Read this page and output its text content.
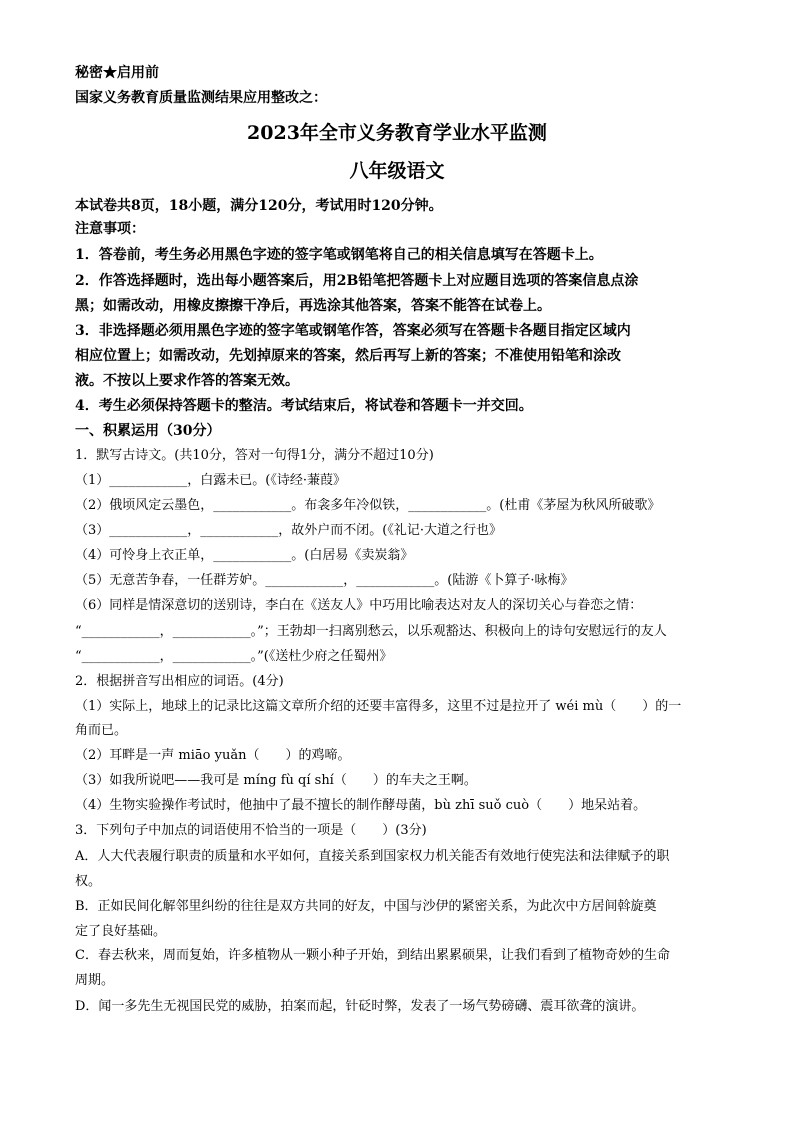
秘密★启用前
国家义务教育质量监测结果应用整改之：
2023年全市义务教育学业水平监测
八年级语文
本试卷共8页，18小题，满分120分，考试用时120分钟。
注意事项：
1．答卷前，考生务必用黑色字迹的签字笔或钢笔将自己的相关信息填写在答题卡上。
2．作答选择题时，选出每小题答案后，用2B铅笔把答题卡上对应题目选项的答案信息点涂
黑；如需改动，用橡皮擦擦干净后，再选涂其他答案，答案不能答在试卷上。
3．非选择题必须用黑色字迹的签字笔或钢笔作答，答案必须写在答题卡各题目指定区域内
相应位置上；如需改动，先划掉原来的答案，然后再写上新的答案；不准使用铅笔和涂改
液。不按以上要求作答的答案无效。
4．考生必须保持答题卡的整洁。考试结束后，将试卷和答题卡一并交回。
一、积累运用（30分）
1．默写古诗文。(共10分，答对一句得1分，满分不超过10分)
（1）____________，白露未已。(《诗经·蒹葭》
（2）俄顷风定云墨色，____________。布衾多年冷似铁，____________。(杜甫《茅屋为秋风所破歌》
（3）____________，____________，故外户而不闭。(《礼记·大道之行也》
（4）可怜身上衣正单，____________。(白居易《卖炭翁》
（5）无意苦争春，一任群芳妒。____________，____________。(陆游《卜算子·咏梅》
（6）同样是情深意切的送别诗，李白在《送友人》中巧用比喻表达对友人的深切关心与眷恋之情：
“____________，____________。”；王勃却一扫离别愁云，以乐观豁达、积极向上的诗句安慰远行的友人
“____________，____________。”(《送杜少府之任蜀州》
2．根据拼音写出相应的词语。(4分)
（1）实际上，地球上的记录比这篇文章所介绍的还要丰富得多，这里不过是拉开了 wéi mù（　　）的一
角而已。
（2）耳畔是一声 miāo yuǎn（　　）的鸡啼。
（3）如我所说吧——我可是 míng fù qí shí（　　）的车夫之王啊。
（4）生物实验操作考试时，他抽中了最不擅长的制作酵母菌，bù zhī suǒ cuò（　　）地呆站着。
3．下列句子中加点的词语使用不恰当的一项是（　　）(3分)
A．人大代表履行职责的质量和水平如何，直接关系到国家权力机关能否有效地行使宪法和法律赋予的职
权。
B．正如民间化解邻里纠纷的往往是双方共同的好友，中国与沙伊的紧密关系，为此次中方居间斡旋奠
定了良好基础。
C．春去秋来，周而复始，许多植物从一颗小种子开始，到结出累累硕果，让我们看到了植物奇妙的生命
周期。
D．闻一多先生无视国民党的威胁，拍案而起，针砭时弊，发表了一场气势磅礴、震耳欲聋的演讲。
